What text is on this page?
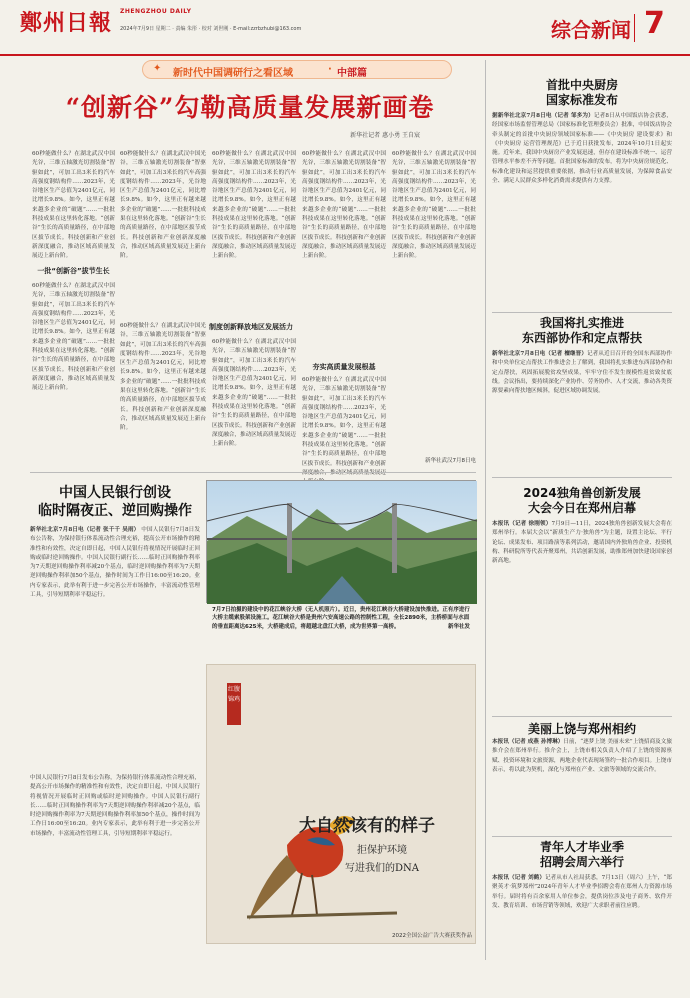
鄭州日報 ZHENGZHOU DAILY
2024年7月9日 星期二 · 责编 朱彤 · 校对 刘世刚 · E-mail:zzrbzhubi@163.com	综合新闻 7
✦ 新时代中国调研行之看区域	· 中部篇
“创新谷”勾勒高质量发展新画卷
新华社记者 惠小勇 王自宸
60秒能做什么？在湖北武汉中国光谷，三维五轴激光切割装备“智驱如此”，可加工出3米长的汽车高强度钢结构件……2023年，光谷地区生产总值为2401亿元，同比增长9.8%。如今，这里正有越来越多企业的“破题”……一批批科技成果在这里转化落地。“创新谷”生长的高质量路径，在中部地区拔节成长。科技创新和产业创新深度融合，推动区域高质量发展迈上新台阶。
一批“创新谷”拔节生长
60秒能做什么？在湖北武汉中国光谷，三维五轴激光切割装备“智驱如此”，可加工出3米长的汽车高强度钢结构件……2023年，光谷地区生产总值为2401亿元，同比增长9.8%。如今，这里正有越来越多企业的“破题”……一批批科技成果在这里转化落地。“创新谷”生长的高质量路径，在中部地区拔节成长。科技创新和产业创新深度融合，推动区域高质量发展迈上新台阶。
60秒能做什么？在湖北武汉中国光谷，三维五轴激光切割装备“智驱如此”，可加工出3米长的汽车高强度钢结构件……2023年，光谷地区生产总值为2401亿元，同比增长9.8%。如今，这里正有越来越多企业的“破题”……一批批科技成果在这里转化落地。“创新谷”生长的高质量路径，在中部地区拔节成长。科技创新和产业创新深度融合，推动区域高质量发展迈上新台阶。
制度创新释放地区发展活力
60秒能做什么？在湖北武汉中国光谷，三维五轴激光切割装备“智驱如此”，可加工出3米长的汽车高强度钢结构件……2023年，光谷地区生产总值为2401亿元，同比增长9.8%。如今，这里正有越来越多企业的“破题”……一批批科技成果在这里转化落地。“创新谷”生长的高质量路径，在中部地区拔节成长。科技创新和产业创新深度融合，推动区域高质量发展迈上新台阶。
60秒能做什么？在湖北武汉中国光谷，三维五轴激光切割装备“智驱如此”，可加工出3米长的汽车高强度钢结构件……2023年，光谷地区生产总值为2401亿元，同比增长9.8%。如今，这里正有越来越多企业的“破题”……一批批科技成果在这里转化落地。“创新谷”生长的高质量路径，在中部地区拔节成长。科技创新和产业创新深度融合，推动区域高质量发展迈上新台阶。
60秒能做什么？在湖北武汉中国光谷，三维五轴激光切割装备“智驱如此”，可加工出3米长的汽车高强度钢结构件……2023年，光谷地区生产总值为2401亿元，同比增长9.8%。如今，这里正有越来越多企业的“破题”……一批批科技成果在这里转化落地。“创新谷”生长的高质量路径，在中部地区拔节成长。科技创新和产业创新深度融合，推动区域高质量发展迈上新台阶。
60秒能做什么？在湖北武汉中国光谷，三维五轴激光切割装备“智驱如此”，可加工出3米长的汽车高强度钢结构件……2023年，光谷地区生产总值为2401亿元，同比增长9.8%。如今，这里正有越来越多企业的“破题”……一批批科技成果在这里转化落地。“创新谷”生长的高质量路径，在中部地区拔节成长。科技创新和产业创新深度融合，推动区域高质量发展迈上新台阶。
夯实高质量发展根基
60秒能做什么？在湖北武汉中国光谷，三维五轴激光切割装备“智驱如此”，可加工出3米长的汽车高强度钢结构件……2023年，光谷地区生产总值为2401亿元，同比增长9.8%。如今，这里正有越来越多企业的“破题”……一批批科技成果在这里转化落地。“创新谷”生长的高质量路径，在中部地区拔节成长。科技创新和产业创新
60秒能做什么？在湖北武汉中国光谷，三维五轴激光切割装备“智驱如此”，可加工出3米长的汽车高强度钢结构件……2023年，光谷地区生产总值为2401亿元，同比增长9.8%。如今，这里正有越来越多企业的“破题”……一批批科技成果在这里转化落地。“创新谷”生长的高质量路径，在中部地区拔节成长。科技创新和产业创新深度融合，推动区域高质量发展迈上新台阶。
新华社武汉7月8日电
中国人民银行创设
临时隔夜正、逆回购操作
新华社北京7月8日电（记者 张千千 吴雨） 中国人民银行7月8日发布公告称，为保持银行体系流动性合理充裕，提高公开市场操作的精准性和有效性，决定自即日起，中国人民银行将视情况开展临时正回购或临时逆回购操作。中国人民银行副行长……临时正回购操作利率为7天期逆回购操作利率减20个基点，临时逆回购操作利率为7天期逆回购操作利率加50个基点，操作时间为工作日16:00至16:20。业内专家表示，此举有利于进一步完善公开市场操作，丰富流动性管理工具，引导短期利率平稳运行。
7月7日拍摄的建设中的花江峡谷大桥（无人机照片）。近日，贵州花江峡谷大桥建设加快推进。正有序进行大桥主缆索股架设施工。花江峡谷大桥是贵州六安高速公路的控制性工程，全长2890米，主桥桥面与水面的垂直距离达625米，大桥建成后，将超越北盘江大桥，成为世界第一高桥。	新华社发
红腹锦鸡
大自然该有的样子
拒保护环境
写进我们的DNA
2022全国公益广告大赛获奖作品
中国人民银行7月8日发布公告称，为保持银行体系流动性合理充裕，提高公开市场操作的精准性和有效性，决定自即日起，中国人民银行将视情况开展临时正回购或临时逆回购操作。中国人民银行副行长……临时正回购操作利率为7天期逆回购操作利率减20个基点，临时逆回购操作利率为7天期逆回购操作利率加50个基点，操作时间为工作日16:00至16:20。业内专家表示，此举有利于进一步完善公开市场操作，丰富流动性管理工具，引导短期利率平稳运行。
首批中央厨房
国家标准发布
据新华社北京7月8日电（记者 邹多为）记者8日从中国饭店协会获悉，经国家市场监督管理总局（国家标准化管理委员会）批准，中国饭店协会牵头制定的首批中央厨房领域国家标准——《中央厨房 建设要求》和《中央厨房 运营管理规范》已于近日获批发布，2024年10月1日起实施。近年来，我国中央厨房产业发展迅速，但存在建设标准不统一、运营管理水平参差不齐等问题。首批国家标准的发布，将为中央厨房规范化、标准化建设和运营提供重要依据，推动行业高质量发展，为保障食品安全、满足人民群众多样化消费需求提供有力支撑。
我国将扎实推进
东西部协作和定点帮扶
新华社北京7月8日电（记者 檀继晋）记者从近日召开的全国东西部协作和中央单位定点帮扶工作推进会上了解到，我国将扎实推进东西部协作和定点帮扶，巩固拓展脱贫攻坚成果，牢牢守住不发生规模性返贫致贫底线。会议指出，要持续深化产业协作、劳务协作、人才交流，推动各类资源要素向帮扶地区倾斜，促进区域协调发展。
2024独角兽创新发展
大会今日在郑州启幕
本报讯（记者 徐刚领）7月9日—11日，2024独角兽创新发展大会将在郑州举行。本届大会以“新质生产力·独角兽”为主题，设置主论坛、平行论坛、成果发布、项目路演等系列活动，邀请国内外独角兽企业、投资机构、科研院所等代表齐聚郑州，共话创新发展，助推郑州加快建设国家创新高地。
美丽上饶与郑州相约
本报讯（记者 成燕 孙博琳）日前，“逐梦上饶 美丽未来”上饶招商及文旅推介会在郑州举行。推介会上，上饶市相关负责人介绍了上饶的资源禀赋、投资环境和文旅资源，两地企业代表现场签约一批合作项目。上饶市表示，将以此为契机，深化与郑州在产业、文旅等领域的交流合作。
青年人才毕业季
招聘会周六举行
本报讯（记者 刘鹤）记者从市人社局获悉，7月13日（周六）上午，“郑聚英才·筑梦郑州”2024年青年人才毕业季招聘会将在郑州人力资源市场举行。届时将有百余家用人单位参会，提供岗位涉及电子商务、软件开发、教育培训、市场营销等领域，欢迎广大求职者前往应聘。
